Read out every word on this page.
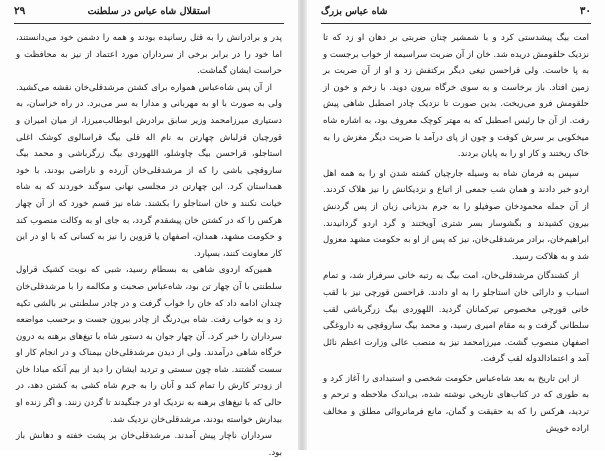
استقلال شاه عباس در سلطنت
۲۹

پدر و برادرانش را به قتل رسانیده بودند و همه را دشمن خود می‌دانستند، اما خود را در برابر برخی از سرداران مورد اعتماد از نیز به محافظت و حراست ایشان گماشت.

از آن پس شاه‌عباس همواره برای کشتن مرشدقلی‌خان نقشه می‌کشید. ولی به صورت با او به مهربانی و مدارا به سر می‌برد. در راه خراسان، به دستیاری میرزامحمد وزیر سابق برادرش ابوطالب‌میرزا، از میان امیران و قورچیان قزلباش چهارتن به نام اله قلی بیگ قراسالوی کوشک اغلی استاجلو، قراحسن بیگ چاوشلو، اللهوردی بیگ زرگرباشی و محمد بیگ ساروقچی باشی را که از مرشدقلی‌خان آزرده و ناراضی بودند، با خود همداستان کرد. این چهارتن در مجلسی نهانی سوگند خوردند که به شاه خیانت نکنند و خان استاجلو را بکشند. شاه نیز قسم خورد که از آن چهار هرکس را که در کشتن خان پیشقدم گردد، به جای او به وکالت منصوب کند و حکومت مشهد، همدان، اصفهان یا قزوین را نیز به کسانی که با او در این کار معاونت کنند، بسپارد.

همین‌که اردوی شاهی به بسطام رسید، شبی که نوبت کشیک قراول سلطنتی با آن چهار تن بود، شاه‌عباس صحبت و مکالمه را با مرشدقلی‌خان چندان ادامه داد که خان را خواب گرفت و در چادر سلطنتی بر بالشی تکیه زد و به خواب رفت. شاه بی‌درنگ از چادر بیرون جست و برحسب مواضعه سرداران را خبر کرد. آن چهار جوان به دستور شاه با تیغ‌های برهنه به درون خرگاه شاهی درآمدند. ولی از دیدن مرشدقلی‌خان بیمناک و در انجام کار او سست گشتند. شاه چون سستی و تردید ایشان را دید از بیم آنکه مبادا خان از زودتر کارش را تمام کند و آنان را به جرم شاه کشی به کشتن دهد، در حالی که با تیغ‌های برهنه به نزدیک او در جنگیدند تا گردن زنند. و اگر زنده او بیدارش خواسته بودند، مرشدقلی‌خان نزدیک شد.

سرداران ناچار پیش آمدند. مرشدقلی‌خان بر پشت خفته و دهانش باز بود.

شاه عباس بزرگ	۳۰

امت بیگ پیشدستی کرد و با شمشیر چنان ضربتی بر دهان او زد که تا نزدیک حلقومش دریده شد. خان از آن ضربت سراسیمه از خواب برجست و به پا خاست. ولی قراحسن تیغی دیگر برکتفش زد و او از آن ضربت بر زمین افتاد. باز برخاست و به سوی خرگاه بیرون دوید. با زخم و خون از حلقومش فرو می‌ریخت. بدین صورت تا نزدیک چادر اصطبل شاهی پیش رفت. از آن جا رئیس اصطبل که به مهتر کوچک معروف بود، به اشاره شاه میخکوبی بر سرش کوفت و چون از پای درآمد با ضربت دیگر مغزش را به خاک ریختند و کار او را به پایان بردند.

سپس به فرمان شاه به وسیله جارچیان کشته شدن او را به همه اهل اردو خبر دادند و همان شب جمعی از اتباع و نزدیکانش را نیز هلاک کردند. از آن جمله محمودخان صوفیلو را به جرم بدزبانی زبان از پس گردنش بیرون کشیدند و بگشوسار بسر شتری آویختند و گرد اردو گردانیدند. ابراهیم‌خان، برادر مرشدقلی‌خان، نیز که پس از او به حکومت مشهد معزول شد و به هلاکت رسید.

از کشندگان مرشدقلی‌خان، امت بیگ به رتبه خانی سرفراز شد، و تمام اسباب و دارائی خان استاجلو را به او دادند. قراحسن قورچی نیز با لقب خانی قورچی مخصوص تیرکمانان گردید. اللهوردی بیگ زرگرباشی لقب سلطانی گرفت و به مقام امیری رسید، و محمد بیگ ساروقچی به داروغگی اصفهان منصوب گشت. میرزامحمد نیز به منصب عالی وزارت اعظم نائل آمد و اعتمادالدوله لقب گرفت.

از این تاریخ به بعد شاه‌عباس حکومت شخصی و استبدادی را آغاز کرد و به طوری که در کتاب‌های تاریخی نوشته شده، بی‌اندک ملاحظه و ترحم و تردید، هرکس را که به حقیقت و گمان، مانع فرمانروائی مطلق و مخالف اراده خویش
